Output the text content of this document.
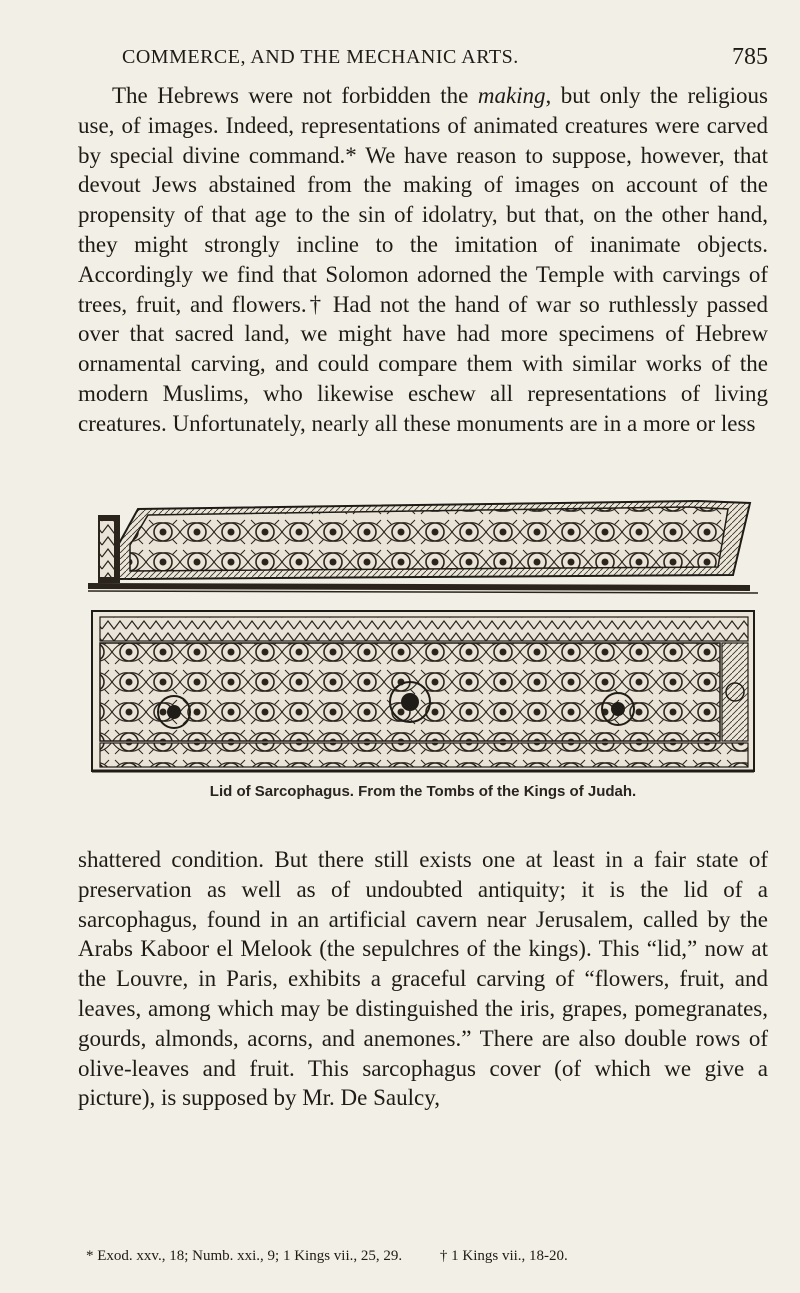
COMMERCE, AND THE MECHANIC ARTS.	785

The Hebrews were not forbidden the making, but only the religious use, of images. Indeed, representations of animated creatures were carved by special divine command.* We have reason to suppose, however, that devout Jews abstained from the making of images on account of the propensity of that age to the sin of idolatry, but that, on the other hand, they might strongly incline to the imitation of inanimate objects. Accordingly we find that Solomon adorned the Temple with carvings of trees, fruit, and flowers.† Had not the hand of war so ruthlessly passed over that sacred land, we might have had more specimens of Hebrew ornamental carving, and could compare them with similar works of the modern Muslims, who likewise eschew all representations of living creatures. Unfortunately, nearly all these monuments are in a more or less

Lid of Sarcophagus. From the Tombs of the Kings of Judah.

shattered condition. But there still exists one at least in a fair state of preservation as well as of undoubted antiquity; it is the lid of a sarcophagus, found in an artificial cavern near Jerusalem, called by the Arabs Kaboor el Melook (the sepulchres of the kings). This “lid,” now at the Louvre, in Paris, exhibits a graceful carving of “flowers, fruit, and leaves, among which may be distinguished the iris, grapes, pomegranates, gourds, almonds, acorns, and anemones.” There are also double rows of olive-leaves and fruit. This sarcophagus cover (of which we give a picture), is supposed by Mr. De Saulcy,

* Exod. xxv., 18; Numb. xxi., 9; 1 Kings vii., 25, 29.	† 1 Kings vii., 18-20.
